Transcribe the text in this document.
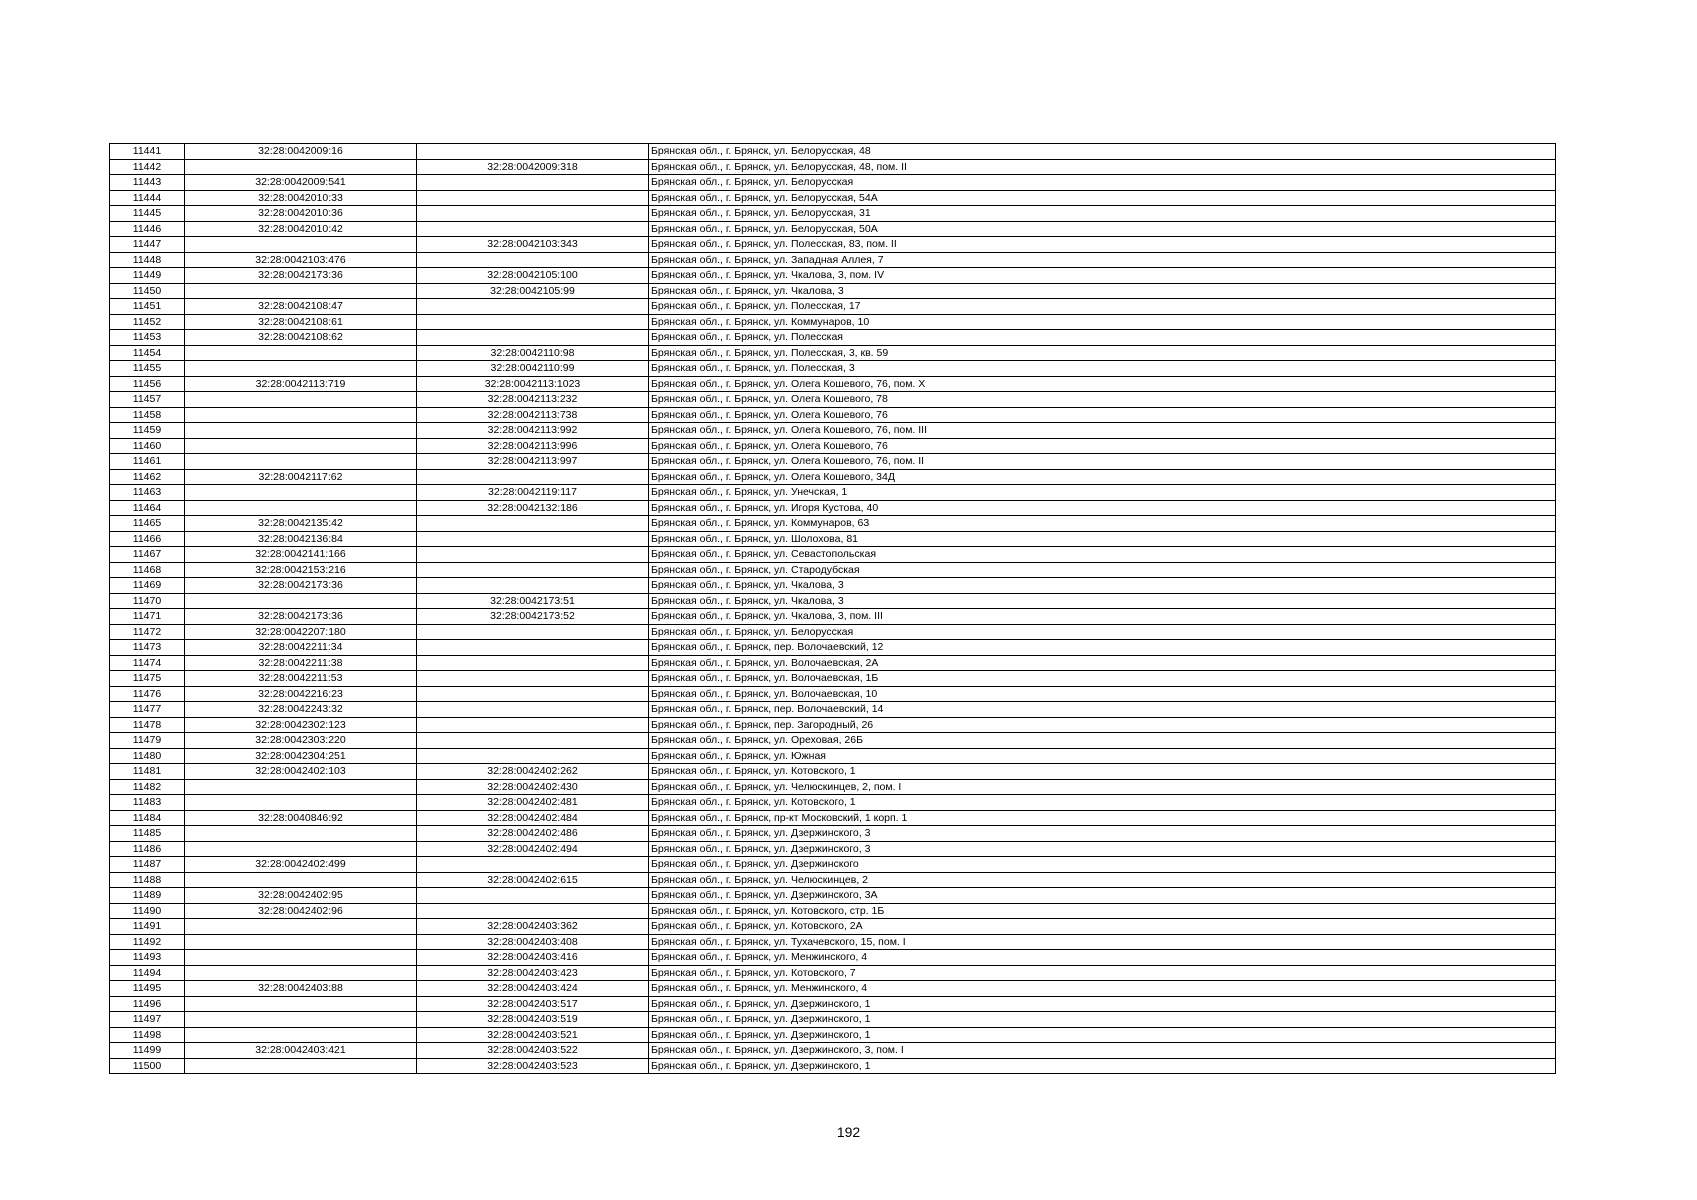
11441	32:28:0042009:16		Брянская обл., г. Брянск, ул. Белорусская, 48
11442		32:28:0042009:318	Брянская обл., г. Брянск, ул. Белорусская, 48, пом. II
11443	32:28:0042009:541		Брянская обл., г. Брянск, ул. Белорусская
11444	32:28:0042010:33		Брянская обл., г. Брянск, ул. Белорусская, 54А
11445	32:28:0042010:36		Брянская обл., г. Брянск, ул. Белорусская, 31
11446	32:28:0042010:42		Брянская обл., г. Брянск, ул. Белорусская, 50А
11447		32:28:0042103:343	Брянская обл., г. Брянск, ул. Полесская, 83, пом. II
11448	32:28:0042103:476		Брянская обл., г. Брянск, ул. Западная Аллея, 7
11449	32:28:0042173:36	32:28:0042105:100	Брянская обл., г. Брянск, ул. Чкалова, 3, пом. IV
11450		32:28:0042105:99	Брянская обл., г. Брянск, ул. Чкалова, 3
11451	32:28:0042108:47		Брянская обл., г. Брянск, ул. Полесская, 17
11452	32:28:0042108:61		Брянская обл., г. Брянск, ул. Коммунаров, 10
11453	32:28:0042108:62		Брянская обл., г. Брянск, ул. Полесская
11454		32:28:0042110:98	Брянская обл., г. Брянск, ул. Полесская, 3, кв. 59
11455		32:28:0042110:99	Брянская обл., г. Брянск, ул. Полесская, 3
11456	32:28:0042113:719	32:28:0042113:1023	Брянская обл., г. Брянск, ул. Олега Кошевого, 76, пом. X
11457		32:28:0042113:232	Брянская обл., г. Брянск, ул. Олега Кошевого, 78
11458		32:28:0042113:738	Брянская обл., г. Брянск, ул. Олега Кошевого, 76
11459		32:28:0042113:992	Брянская обл., г. Брянск, ул. Олега Кошевого, 76, пом. III
11460		32:28:0042113:996	Брянская обл., г. Брянск, ул. Олега Кошевого, 76
11461		32:28:0042113:997	Брянская обл., г. Брянск, ул. Олега Кошевого, 76, пом. II
11462	32:28:0042117:62		Брянская обл., г. Брянск, ул. Олега Кошевого, 34Д
11463		32:28:0042119:117	Брянская обл., г. Брянск, ул. Унечская, 1
11464		32:28:0042132:186	Брянская обл., г. Брянск, ул. Игоря Кустова, 40
11465	32:28:0042135:42		Брянская обл., г. Брянск, ул. Коммунаров, 63
11466	32:28:0042136:84		Брянская обл., г. Брянск, ул. Шолохова, 81
11467	32:28:0042141:166		Брянская обл., г. Брянск, ул. Севастопольская
11468	32:28:0042153:216		Брянская обл., г. Брянск, ул. Стародубская
11469	32:28:0042173:36		Брянская обл., г. Брянск, ул. Чкалова, 3
11470		32:28:0042173:51	Брянская обл., г. Брянск, ул. Чкалова, 3
11471	32:28:0042173:36	32:28:0042173:52	Брянская обл., г. Брянск, ул. Чкалова, 3, пом. III
11472	32:28:0042207:180		Брянская обл., г. Брянск, ул. Белорусская
11473	32:28:0042211:34		Брянская обл., г. Брянск, пер. Волочаевский, 12
11474	32:28:0042211:38		Брянская обл., г. Брянск, ул. Волочаевская, 2А
11475	32:28:0042211:53		Брянская обл., г. Брянск, ул. Волочаевская, 1Б
11476	32:28:0042216:23		Брянская обл., г. Брянск, ул. Волочаевская, 10
11477	32:28:0042243:32		Брянская обл., г. Брянск, пер. Волочаевский, 14
11478	32:28:0042302:123		Брянская обл., г. Брянск, пер. Загородный, 26
11479	32:28:0042303:220		Брянская обл., г. Брянск, ул. Ореховая, 26Б
11480	32:28:0042304:251		Брянская обл., г. Брянск, ул. Южная
11481	32:28:0042402:103	32:28:0042402:262	Брянская обл., г. Брянск, ул. Котовского, 1
11482		32:28:0042402:430	Брянская обл., г. Брянск, ул. Челюскинцев, 2, пом. I
11483		32:28:0042402:481	Брянская обл., г. Брянск, ул. Котовского, 1
11484	32:28:0040846:92	32:28:0042402:484	Брянская обл., г. Брянск, пр-кт Московский, 1 корп. 1
11485		32:28:0042402:486	Брянская обл., г. Брянск, ул. Дзержинского, 3
11486		32:28:0042402:494	Брянская обл., г. Брянск, ул. Дзержинского, 3
11487	32:28:0042402:499		Брянская обл., г. Брянск, ул. Дзержинского
11488		32:28:0042402:615	Брянская обл., г. Брянск, ул. Челюскинцев, 2
11489	32:28:0042402:95		Брянская обл., г. Брянск, ул. Дзержинского, 3А
11490	32:28:0042402:96		Брянская обл., г. Брянск, ул. Котовского, стр. 1Б
11491		32:28:0042403:362	Брянская обл., г. Брянск, ул. Котовского, 2А
11492		32:28:0042403:408	Брянская обл., г. Брянск, ул. Тухачевского, 15, пом. I
11493		32:28:0042403:416	Брянская обл., г. Брянск, ул. Менжинского, 4
11494		32:28:0042403:423	Брянская обл., г. Брянск, ул. Котовского, 7
11495	32:28:0042403:88	32:28:0042403:424	Брянская обл., г. Брянск, ул. Менжинского, 4
11496		32:28:0042403:517	Брянская обл., г. Брянск, ул. Дзержинского, 1
11497		32:28:0042403:519	Брянская обл., г. Брянск, ул. Дзержинского, 1
11498		32:28:0042403:521	Брянская обл., г. Брянск, ул. Дзержинского, 1
11499	32:28:0042403:421	32:28:0042403:522	Брянская обл., г. Брянск, ул. Дзержинского, 3, пом. I
11500		32:28:0042403:523	Брянская обл., г. Брянск, ул. Дзержинского, 1
192
